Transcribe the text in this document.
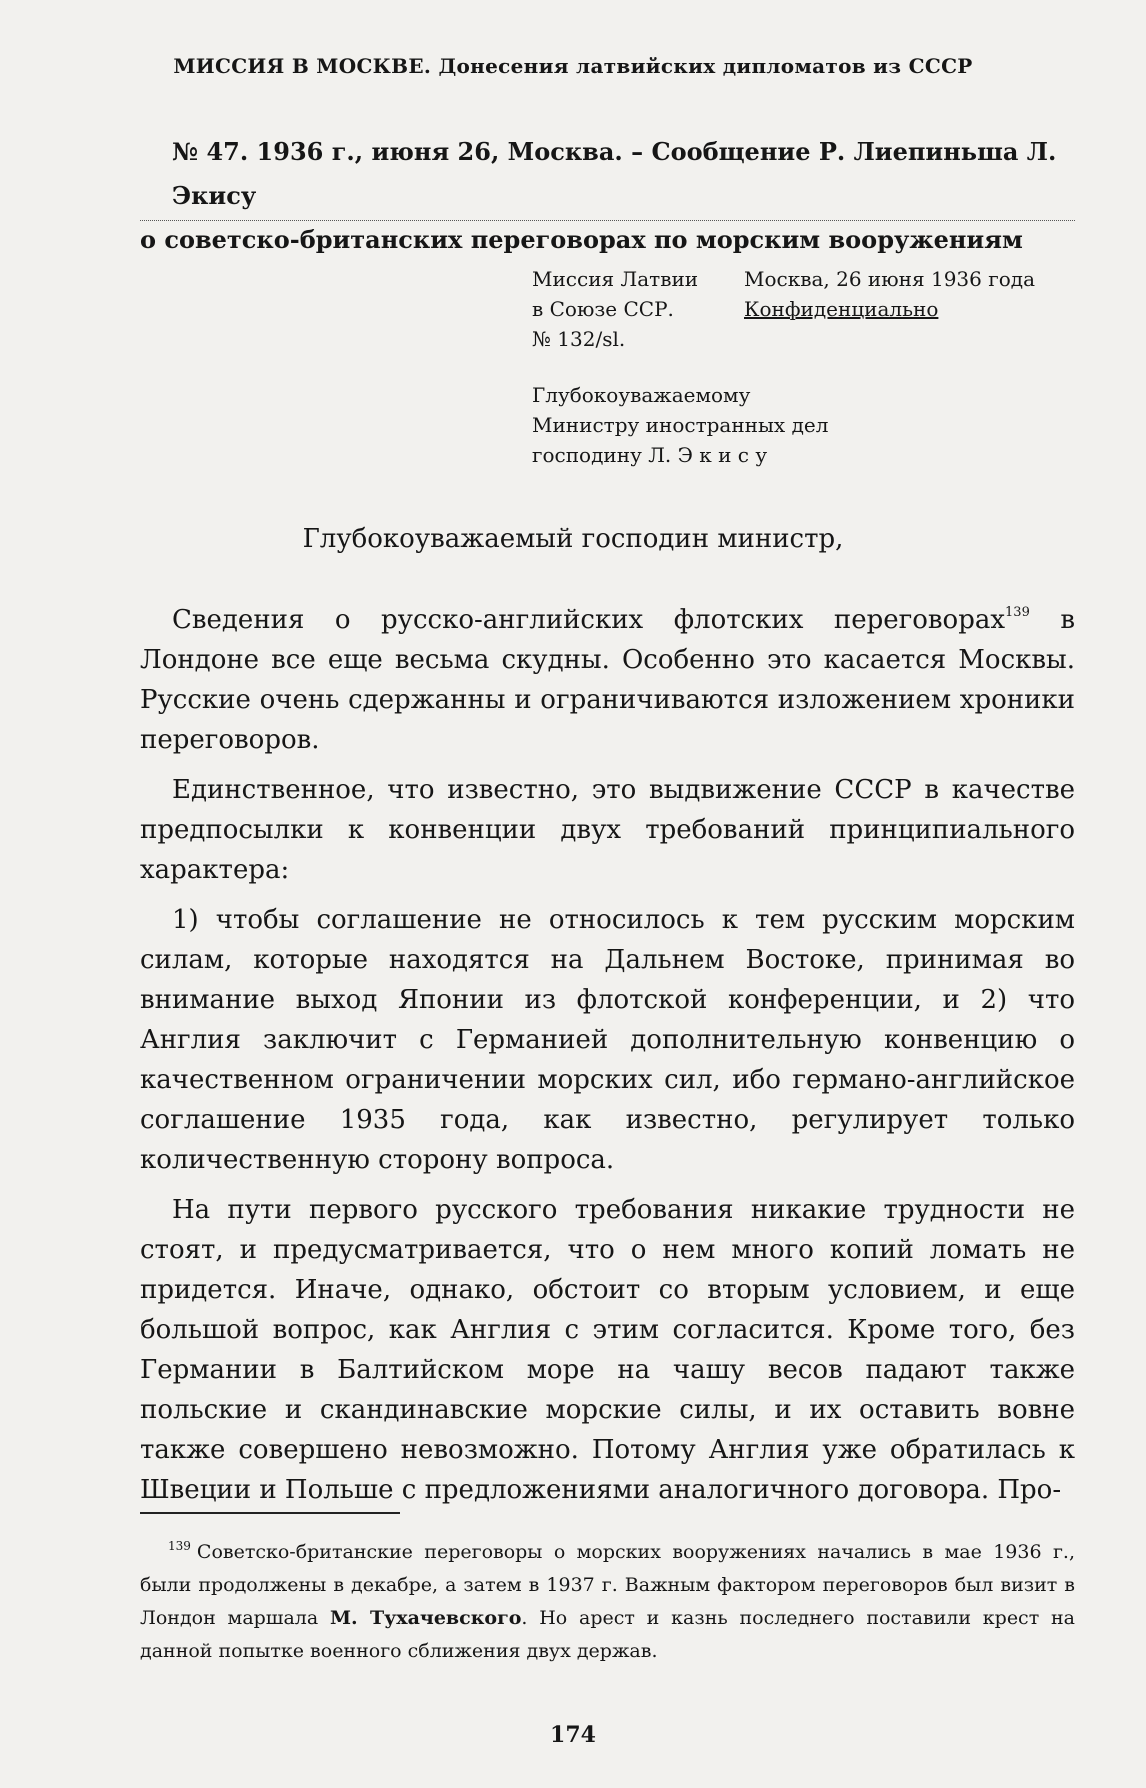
МИССИЯ В МОСКВЕ. Донесения латвийских дипломатов из СССР
№ 47. 1936 г., июня 26, Москва. – Сообщение Р. Лиепиньша Л. Экису
о советско-британских переговорах по морским вооружениям
Миссия Латвии
в Союзе ССР.
№ 132/sl.
Москва, 26 июня 1936 года
Конфиденциально
Глубокоуважаемому
Министру иностранных дел
господину Л. Э к и с у
Глубокоуважаемый господин министр,

Сведения о русско-английских флотских переговорах$^{139}$ в Лондоне все еще весьма скудны. Особенно это касается Москвы. Русские очень сдержанны и ограничиваются изложением хроники переговоров.

Единственное, что известно, это выдвижение СССР в качестве предпосылки к конвенции двух требований принципиального характера:

1) чтобы соглашение не относилось к тем русским морским силам, которые находятся на Дальнем Востоке, принимая во внимание выход Японии из флотской конференции, и 2) что Англия заключит с Германией дополнительную конвенцию о качественном ограничении морских сил, ибо германо-английское соглашение 1935 года, как известно, регулирует только количественную сторону вопроса.

На пути первого русского требования никакие трудности не стоят, и предусматривается, что о нем много копий ломать не придется. Иначе, однако, обстоит со вторым условием, и еще большой вопрос, как Англия с этим согласится. Кроме того, без Германии в Балтийском море на чашу весов падают также польские и скандинавские морские силы, и их оставить вовне также совершено невозможно. Потому Англия уже обратилась к Швеции и Польше с предложениями аналогичного договора. Про-

$^{139}$ Советско-британские переговоры о морских вооружениях начались в мае 1936 г., были продолжены в декабре, а затем в 1937 г. Важным фактором переговоров был визит в Лондон маршала М. Тухачевского. Но арест и казнь последнего поставили крест на данной попытке военного сближения двух держав.
174
